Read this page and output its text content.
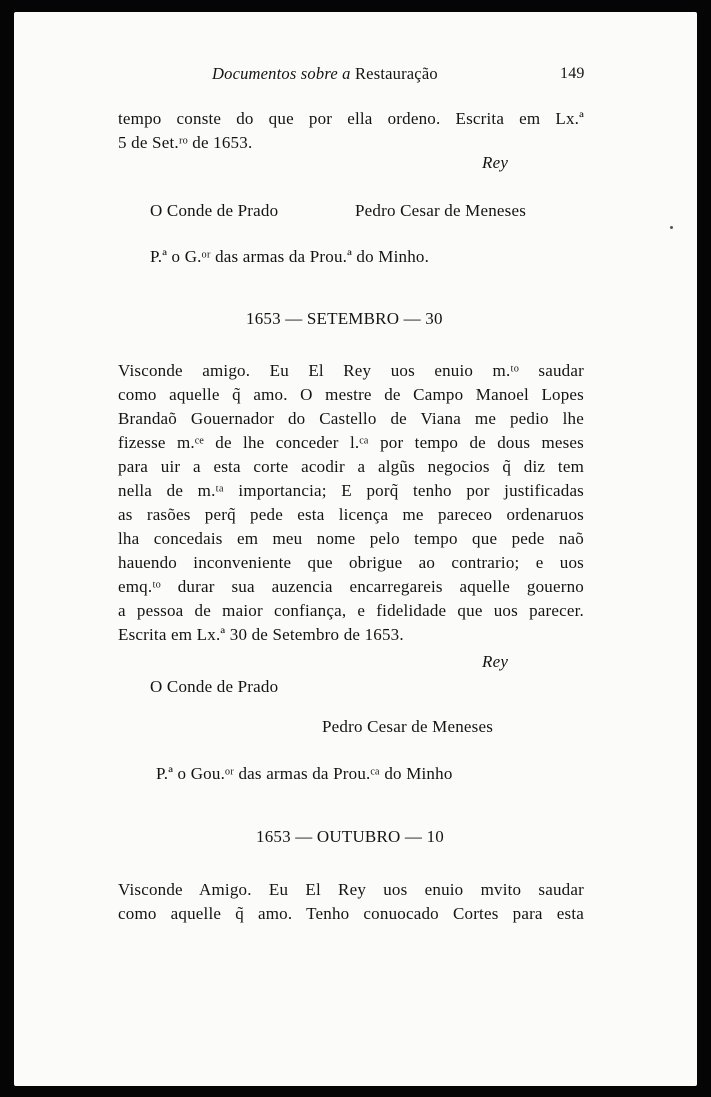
Documentos sobre a Restauração	149

tempo conste do que por ella ordeno. Escrita em Lx.ª

5 de Set.ʳᵒ de 1653.

Rey

O Conde de Prado	Pedro Cesar de Meneses

P.ª o G.ᵒʳ das armas da Prou.ª do Minho.

1653 — SETEMBRO — 30

Visconde amigo. Eu El Rey uos enuio m.ᵗᵒ saudar

como aquelle q̃ amo. O mestre de Campo Manoel Lopes

Brandaõ Gouernador do Castello de Viana me pedio lhe

fizesse m.ᶜᵉ de lhe conceder l.ᶜᵃ por tempo de dous meses

para uir a esta corte acodir a algũs negocios q̃ diz tem

nella de m.ᵗᵃ importancia; E porq̃ tenho por justificadas

as rasões perq̃ pede esta licença me pareceo ordenaruos

lha concedais em meu nome pelo tempo que pede naõ

hauendo inconveniente que obrigue ao contrario; e uos

emq.ᵗᵒ durar sua auzencia encarregareis aquelle gouerno

a pessoa de maior confiança, e fidelidade que uos parecer.

Escrita em Lx.ª 30 de Setembro de 1653.

Rey

O Conde de Prado

Pedro Cesar de Meneses

P.ª o Gou.ᵒʳ das armas da Prou.ᶜᵃ do Minho

1653 — OUTUBRO — 10

Visconde Amigo. Eu El Rey uos enuio mvito saudar

como aquelle q̃ amo. Tenho conuocado Cortes para esta
